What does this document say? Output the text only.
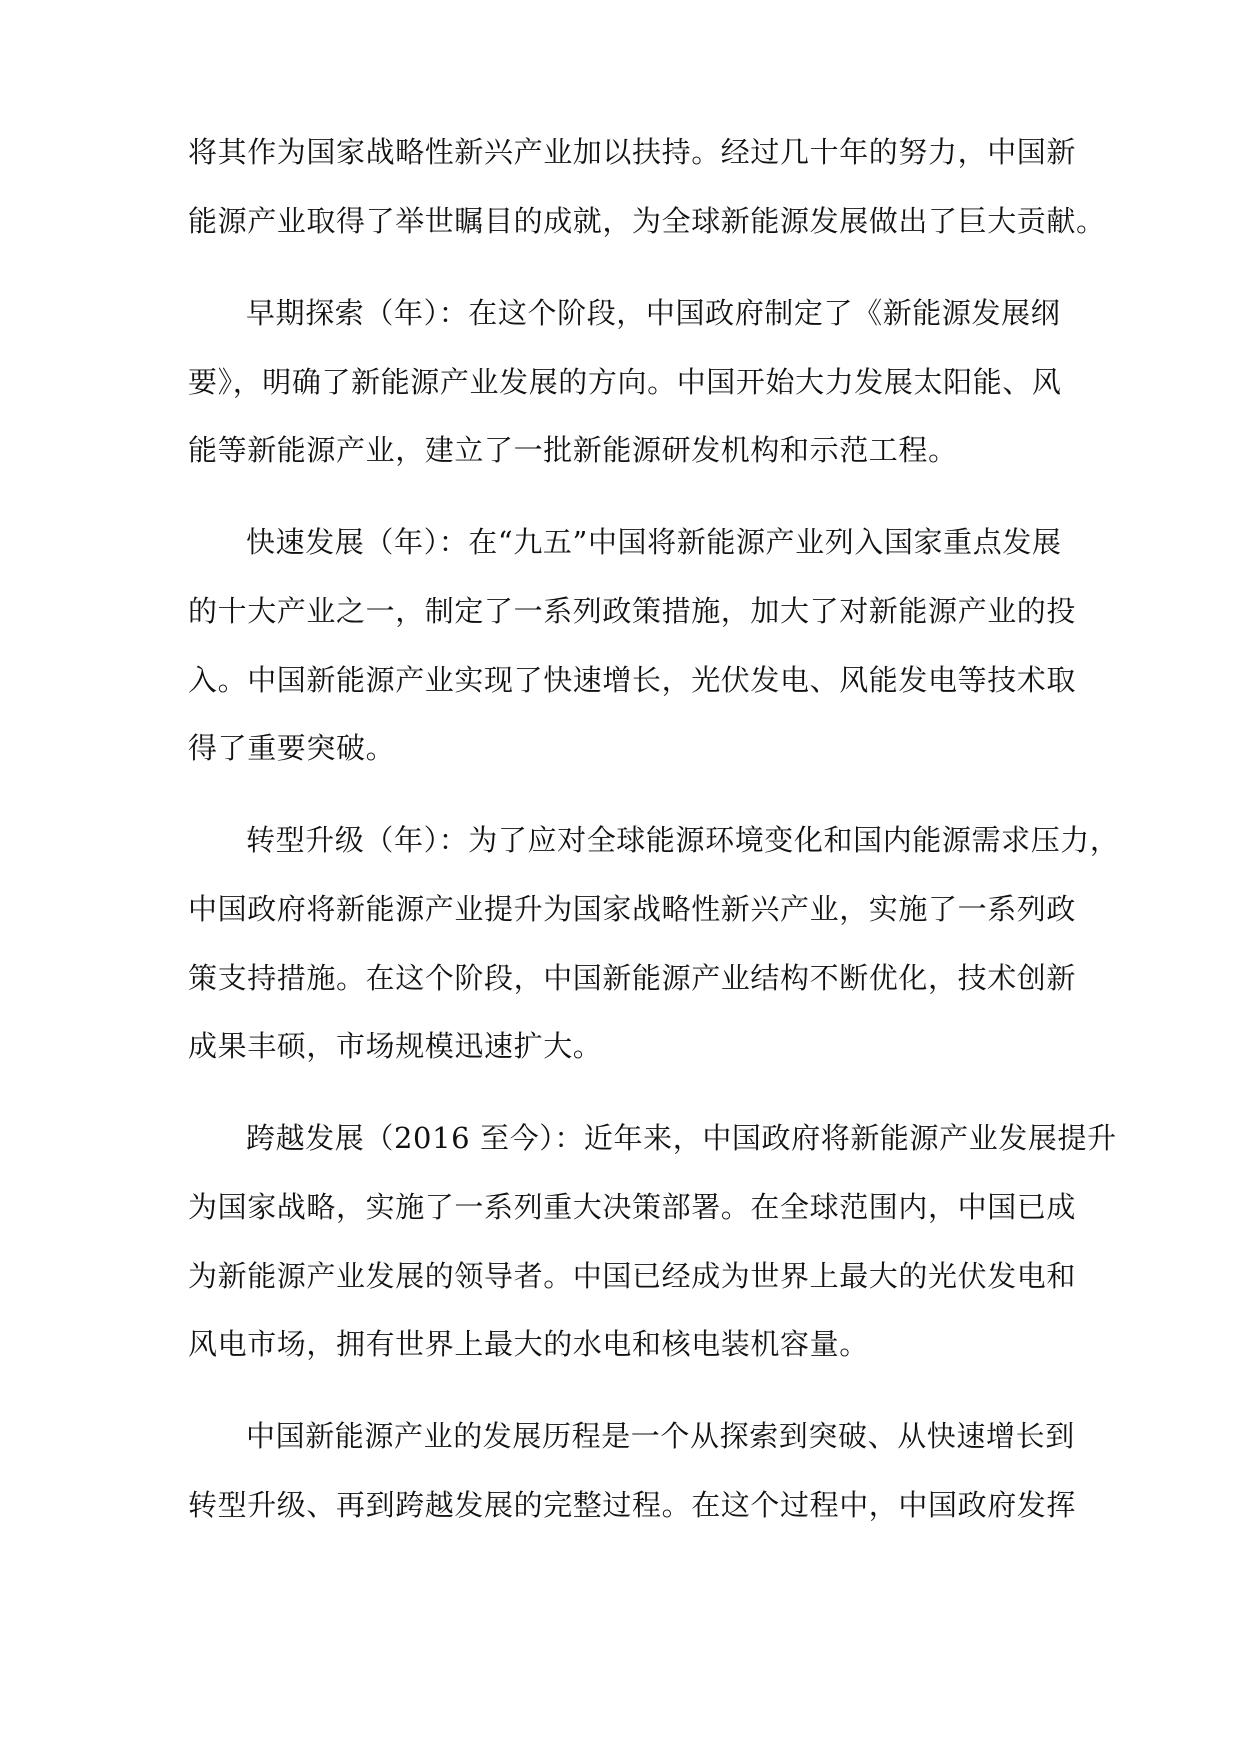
将其作为国家战略性新兴产业加以扶持。经过几十年的努力，中国新
能源产业取得了举世瞩目的成就，为全球新能源发展做出了巨大贡献。
早期探索（年）：在这个阶段，中国政府制定了《新能源发展纲
要》，明确了新能源产业发展的方向。中国开始大力发展太阳能、风
能等新能源产业，建立了一批新能源研发机构和示范工程。
快速发展（年）：在“九五”中国将新能源产业列入国家重点发展
的十大产业之一，制定了一系列政策措施，加大了对新能源产业的投
入。中国新能源产业实现了快速增长，光伏发电、风能发电等技术取
得了重要突破。
转型升级（年）：为了应对全球能源环境变化和国内能源需求压力，
中国政府将新能源产业提升为国家战略性新兴产业，实施了一系列政
策支持措施。在这个阶段，中国新能源产业结构不断优化，技术创新
成果丰硕，市场规模迅速扩大。
跨越发展（2016 至今）：近年来，中国政府将新能源产业发展提升
为国家战略，实施了一系列重大决策部署。在全球范围内，中国已成
为新能源产业发展的领导者。中国已经成为世界上最大的光伏发电和
风电市场，拥有世界上最大的水电和核电装机容量。
中国新能源产业的发展历程是一个从探索到突破、从快速增长到
转型升级、再到跨越发展的完整过程。在这个过程中，中国政府发挥
